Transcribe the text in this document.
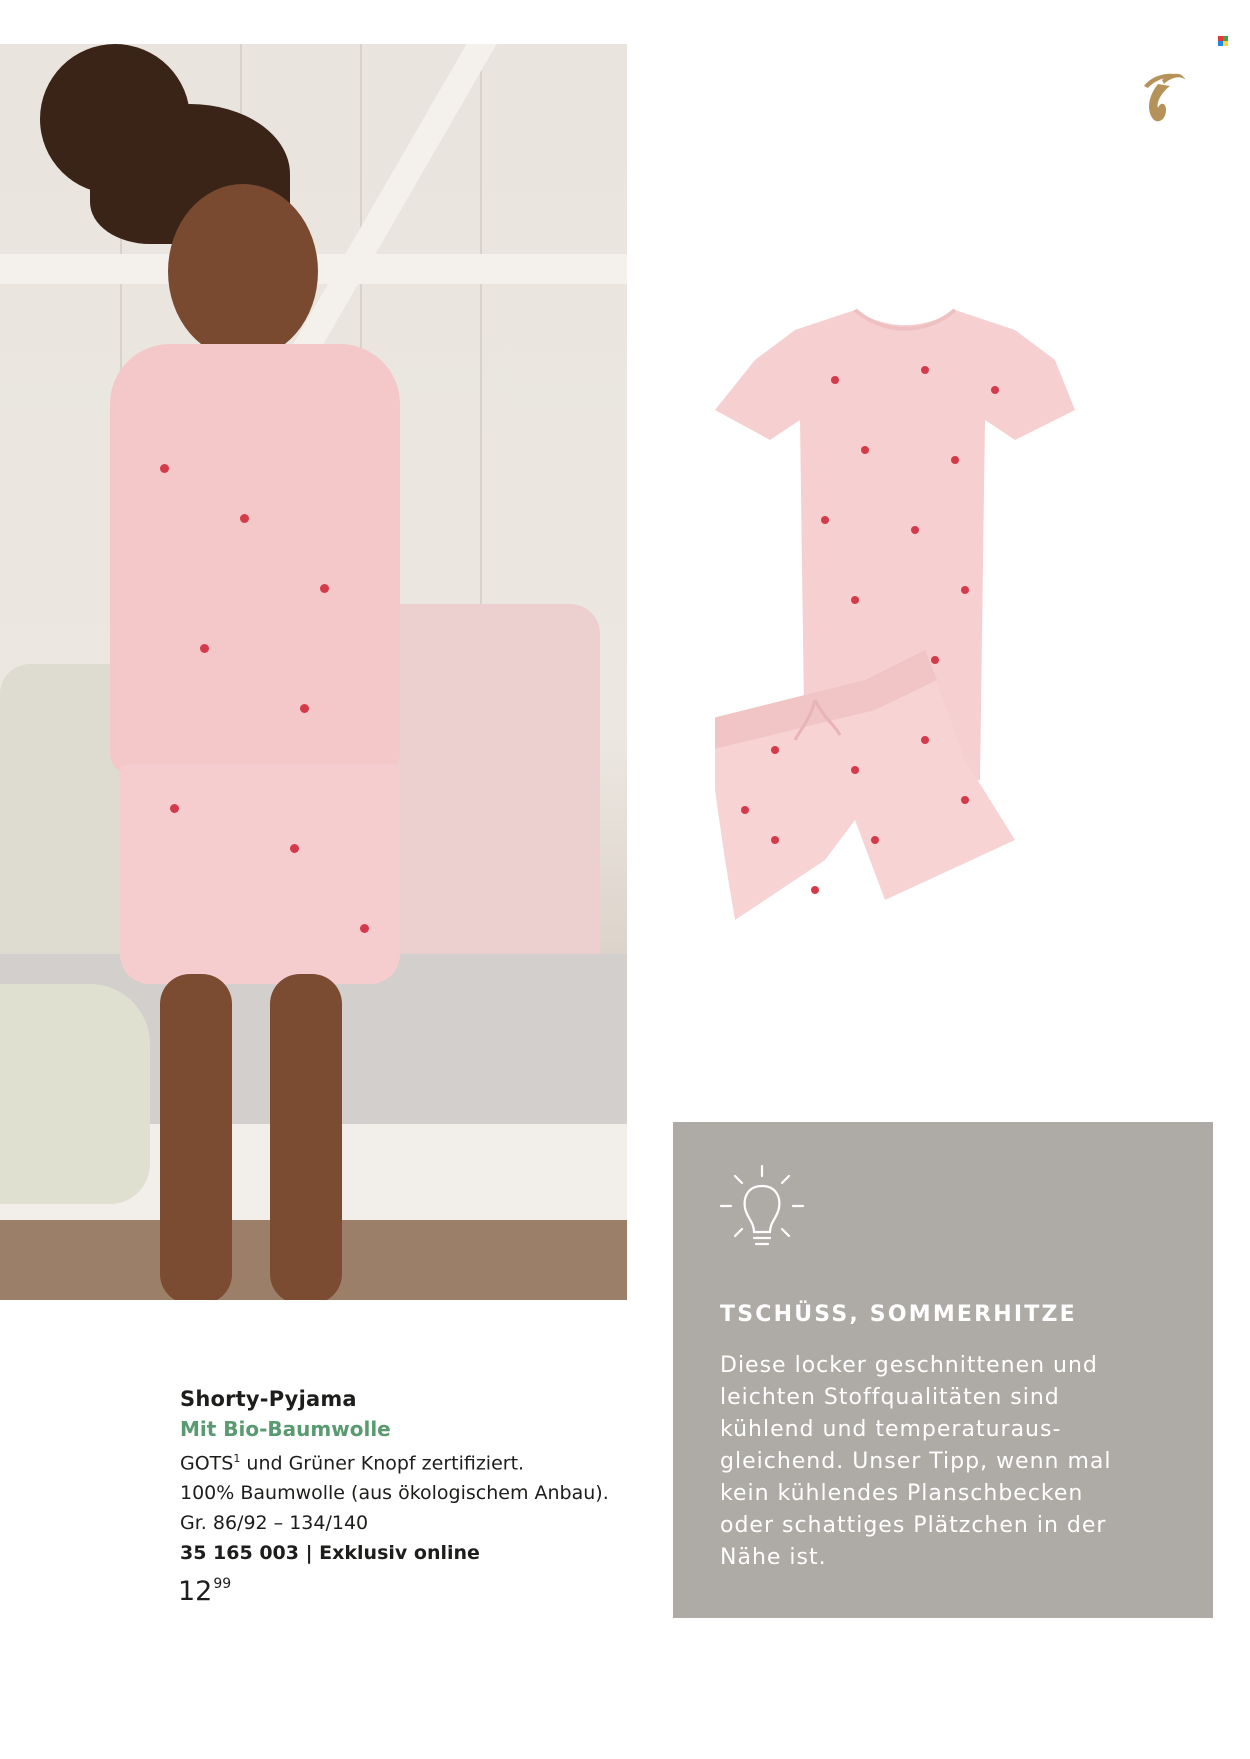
Shorty-Pyjama
Mit Bio-Baumwolle
GOTS$^1$ und Grüner Knopf zertifiziert.
100% Baumwolle (aus ökologischem Anbau).
Gr. 86/92 – 134/140
35 165 003 | Exklusiv online
$12^{99}$
TSCHÜSS, SOMMERHITZE
Diese locker geschnittenen und
leichten Stoffqualitäten sind
kühlend und temperaturaus-
gleichend. Unser Tipp, wenn mal
kein kühlendes Planschbecken
oder schattiges Plätzchen in der
Nähe ist.
